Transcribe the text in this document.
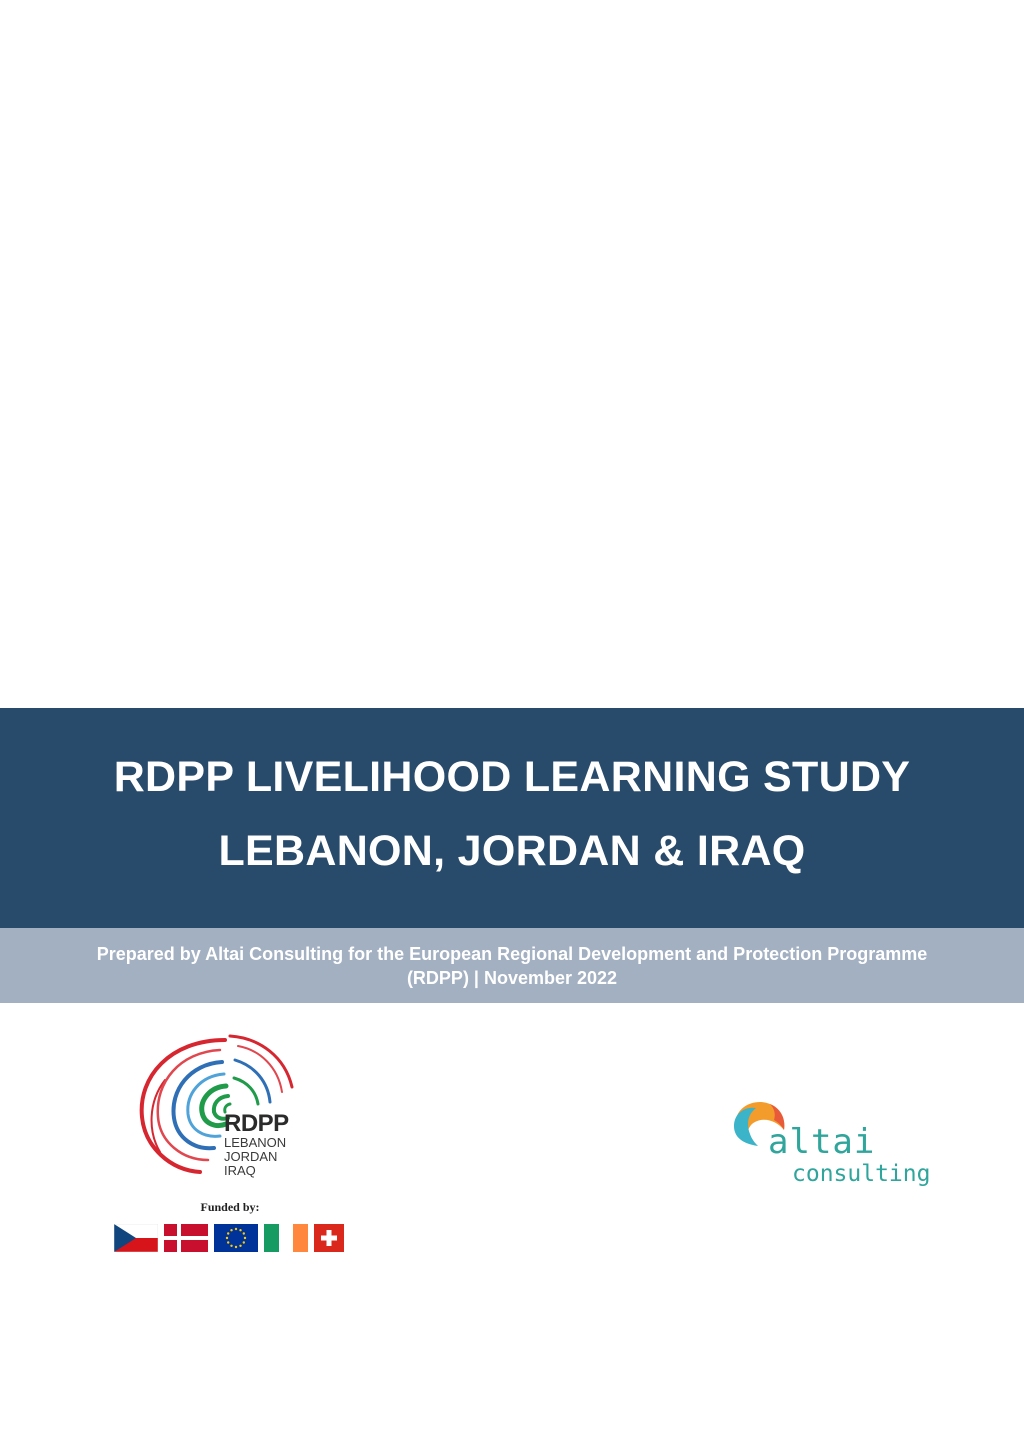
RDPP LIVELIHOOD LEARNING STUDY
LEBANON, JORDAN & IRAQ
Prepared by Altai Consulting for the European Regional Development and Protection Programme
(RDPP) | November 2022
RDPP
LEBANON
JORDAN
IRAQ
Funded by:
altai
consulting
